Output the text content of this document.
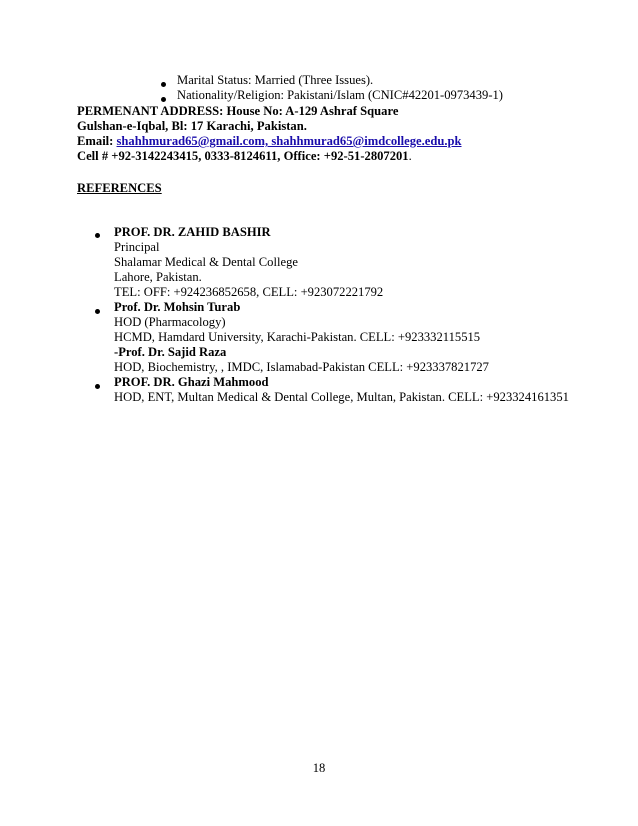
Marital Status: Married (Three Issues).
Nationality/Religion: Pakistani/Islam (CNIC#42201-0973439-1)
PERMENANT ADDRESS: House No: A-129 Ashraf Square
Gulshan-e-Iqbal, Bl: 17 Karachi, Pakistan.
Email: shahhmurad65@gmail.com, shahhmurad65@imdcollege.edu.pk
Cell # +92-3142243415, 0333-8124611, Office: +92-51-2807201.
REFERENCES
PROF. DR. ZAHID BASHIR
Principal
Shalamar Medical & Dental College
Lahore, Pakistan.
TEL: OFF: +924236852658, CELL: +923072221792
Prof. Dr. Mohsin Turab
HOD (Pharmacology)
HCMD, Hamdard University, Karachi-Pakistan. CELL: +923332115515
-Prof. Dr. Sajid Raza
HOD, Biochemistry, , IMDC, Islamabad-Pakistan CELL: +923337821727
PROF. DR. Ghazi Mahmood
HOD, ENT, Multan Medical & Dental College, Multan, Pakistan. CELL: +923324161351
18
